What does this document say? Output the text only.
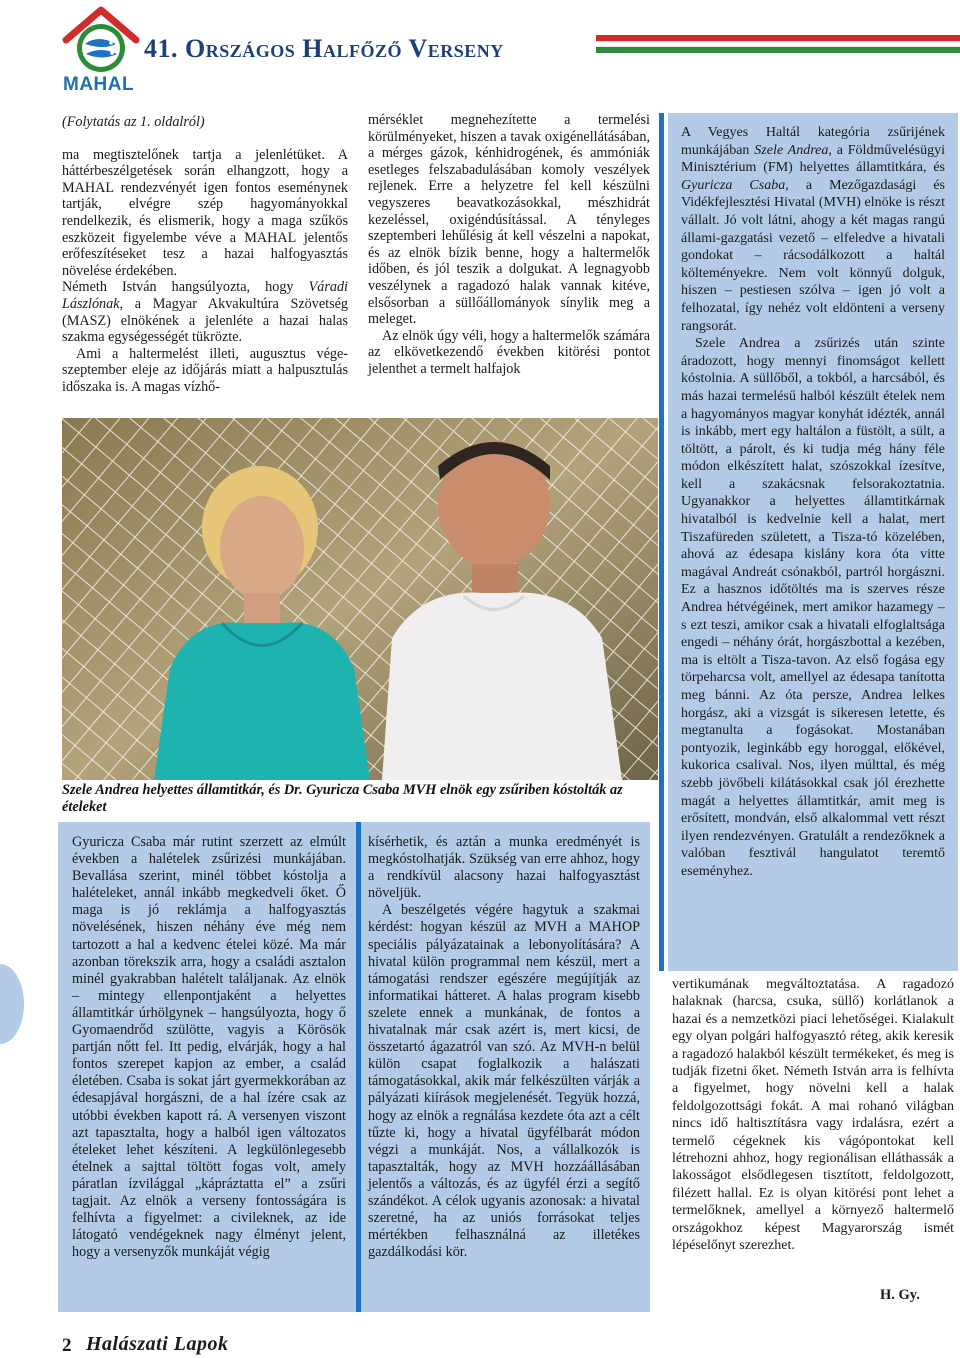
MAHAL
41. Országos Halfőző Verseny

(Folytatás az 1. oldalról)

ma megtisztelőnek tartja a jelenlétüket. A háttérbeszélgetések során elhangzott, hogy a MAHAL rendezvényét igen fontos eseménynek tartják, elvégre szép hagyományokkal rendelkezik, és elismerik, hogy a maga szűkös eszközeit figyelembe véve a MAHAL jelentős erőfeszítéseket tesz a hazai halfogyasztás növelése érdekében.

Németh István hangsúlyozta, hogy Váradi Lászlónak, a Magyar Akvakultúra Szövetség (MASZ) elnökének a jelenléte a hazai halas szakma egységességét tükrözte.

Ami a haltermelést illeti, augusztus vége-szeptember eleje az időjárás miatt a halpusztulás időszaka is. A magas vízhő-

mérséklet megnehezítette a termelési körülményeket, hiszen a tavak oxigénellátásában, a mérges gázok, kénhidrogének, és ammóniák esetleges felszabadulásában komoly veszélyek rejlenek. Erre a helyzetre fel kell készülni vegyszeres beavatkozásokkal, mészhidrát kezeléssel, oxigéndúsítással. A tényleges szeptemberi lehűlésig át kell vészelni a napokat, és az elnök bízik benne, hogy a haltermelők időben, és jól teszik a dolgukat. A legnagyobb veszélynek a ragadozó halak vannak kitéve, elsősorban a süllőállományok sínylik meg a meleget.

Az elnök úgy véli, hogy a haltermelők számára az elkövetkezendő években kitörési pontot jelenthet a termelt halfajok

A Vegyes Haltál kategória zsűrijének munkájában Szele Andrea, a Földművelésügyi Minisztérium (FM) helyettes államtitkára, és Gyuricza Csaba, a Mezőgazdasági és Vidékfejlesztési Hivatal (MVH) elnöke is részt vállalt. Jó volt látni, ahogy a két magas rangú állami-gazgatási vezető – elfeledve a hivatali gondokat – rácsodálkozott a haltál költeményekre. Nem volt könnyű dolguk, hiszen – pestiesen szólva – igen jó volt a felhozatal, így nehéz volt eldönteni a verseny rangsorát.

Szele Andrea a zsűrizés után szinte áradozott, hogy mennyi finomságot kellett kóstolnia. A süllőből, a tokból, a harcsából, és más hazai termelésű halból készült ételek nem a hagyományos magyar konyhát idézték, annál is inkább, mert egy haltálon a füstölt, a sült, a töltött, a párolt, és ki tudja még hány féle módon elkészített halat, szószokkal ízesítve, kell a szakácsnak felsorakoztatnia. Ugyanakkor a helyettes államtitkárnak hivatalból is kedvelnie kell a halat, mert Tiszafüreden született, a Tisza-tó közelében, ahová az édesapa kislány kora óta vitte magával Andreát csónakból, partról horgászni. Ez a hasznos időtöltés ma is szerves része Andrea hétvégéinek, mert amikor hazamegy – s ezt teszi, amikor csak a hivatali elfoglaltsága engedi – néhány órát, horgászbottal a kezében, ma is eltölt a Tisza-tavon. Az első fogása egy törpeharcsa volt, amellyel az édesapa tanította meg bánni. Az óta persze, Andrea lelkes horgász, aki a vizsgát is sikeresen letette, és megtanulta a fogásokat. Mostanában pontyozik, leginkább egy horoggal, előkével, kukorica csalival. Nos, ilyen múlttal, és még szebb jövőbeli kilátásokkal csak jól érezhette magát a helyettes államtitkár, amit meg is erősített, mondván, első alkalommal vett részt ilyen rendezvényen. Gratulált a rendezőknek a valóban fesztivál hangulatot teremtő eseményhez.

vertikumának megváltoztatása. A ragadozó halaknak (harcsa, csuka, süllő) korlátlanok a hazai és a nemzetközi piaci lehetőségei. Kialakult egy olyan polgári halfogyasztó réteg, akik keresik a ragadozó halakból készült termékeket, és meg is tudják fizetni őket. Németh István arra is felhívta a figyelmet, hogy növelni kell a halak feldolgozottsági fokát. A mai rohanó világban nincs idő haltisztításra vagy irdalásra, ezért a termelő cégeknek kis vágópontokat kell létrehozni ahhoz, hogy regionálisan elláthassák a lakosságot elsődlegesen tisztított, feldolgozott, filézett hallal. Ez is olyan kitörési pont lehet a termelőknek, amellyel a környező haltermelő országokhoz képest Magyarország ismét lépéselőnyt szerezhet.

H. Gy.
Szele Andrea helyettes államtitkár, és Dr. Gyuricza Csaba MVH elnök egy zsűriben kóstolták az ételeket

Gyuricza Csaba már rutint szerzett az elmúlt években a halételek zsűrizési munkájában. Bevallása szerint, minél többet kóstolja a halételeket, annál inkább megkedveli őket. Ő maga is jó reklámja a halfogyasztás növelésének, hiszen néhány éve még nem tartozott a hal a kedvenc ételei közé. Ma már azonban törekszik arra, hogy a családi asztalon minél gyakrabban halételt találjanak. Az elnök – mintegy ellenpontjaként a helyettes államtitkár úrhölgynek – hangsúlyozta, hogy ő Gyomaendrőd szülötte, vagyis a Körösök partján nőtt fel. Itt pedig, elvárják, hogy a hal fontos szerepet kapjon az ember, a család életében. Csaba is sokat járt gyermekkorában az édesapjával horgászni, de a hal ízére csak az utóbbi években kapott rá. A versenyen viszont azt tapasztalta, hogy a halból igen változatos ételeket lehet készíteni. A legkülönlegesebb ételnek a sajttal töltött fogas volt, amely páratlan ízvilággal „kápráztatta el” a zsűri tagjait. Az elnök a verseny fontosságára is felhívta a figyelmet: a civileknek, az ide látogató vendégeknek nagy élményt jelent, hogy a versenyzők munkáját végig

kísérhetik, és aztán a munka eredményét is megkóstolhatják. Szükség van erre ahhoz, hogy a rendkívül alacsony hazai halfogyasztást növeljük.

A beszélgetés végére hagytuk a szakmai kérdést: hogyan készül az MVH a MAHOP speciális pályázatainak a lebonyolítására? A hivatal külön programmal nem készül, mert a támogatási rendszer egészére megújítják az informatikai hátteret. A halas program kisebb szelete ennek a munkának, de fontos a hivatalnak már csak azért is, mert kicsi, de összetartó ágazatról van szó. Az MVH-n belül külön csapat foglalkozik a halászati támogatásokkal, akik már felkészülten várják a pályázati kiírások megjelenését. Tegyük hozzá, hogy az elnök a regnálása kezdete óta azt a célt tűzte ki, hogy a hivatal ügyfélbarát módon végzi a munkáját. Nos, a vállalkozók is tapasztalták, hogy az MVH hozzáállásában jelentős a változás, és az ügyfél érzi a segítő szándékot. A célok ugyanis azonosak: a hivatal szeretné, ha az uniós forrásokat teljes mértékben felhasználná az illetékes gazdálkodási kör.

2 Halászati Lapok
